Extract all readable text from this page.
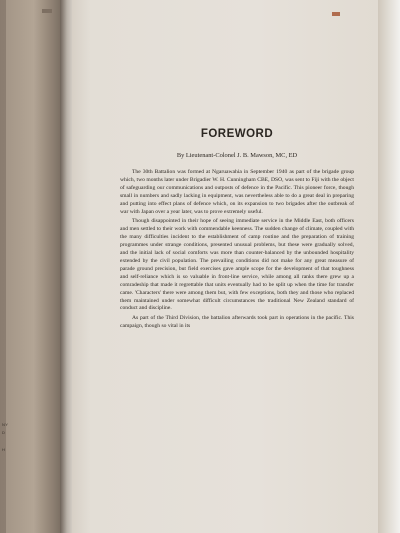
NY
D
H
FOREWORD

By Lieutenant-Colonel J. B. Mawson, MC, ED

The 30th Battalion was formed at Ngaruawahia in September 1940 as part of the brigade group which, two months later under Brigadier W. H. Cunningham CBE, DSO, was sent to Fiji with the object of safeguarding our communications and outposts of defence in the Pacific. This pioneer force, though small in numbers and sadly lacking in equipment, was nevertheless able to do a great deal in preparing and putting into effect plans of defence which, on its expansion to two brigades after the outbreak of war with Japan over a year later, was to prove extremely useful.

Though disappointed in their hope of seeing immediate service in the Middle East, both officers and men settled to their work with commendable keenness. The sudden change of climate, coupled with the many difficulties incident to the establishment of camp routine and the preparation of training programmes under strange conditions, presented unusual problems, but these were gradually solved, and the initial lack of social comforts was more than counter-balanced by the unbounded hospitality extended by the civil population. The prevailing conditions did not make for any great measure of parade ground precision, but field exercises gave ample scope for the development of that toughness and self-reliance which is so valuable in front-line service, while among all ranks there grew up a comradeship that made it regrettable that units eventually had to be split up when the time for transfer came. 'Characters' there were among them but, with few exceptions, both they and those who replaced them maintained under somewhat difficult circumstances the traditional New Zealand standard of conduct and discipline.

As part of the Third Division, the battalion afterwards took part in operations in the pacific. This campaign, though so vital in its
